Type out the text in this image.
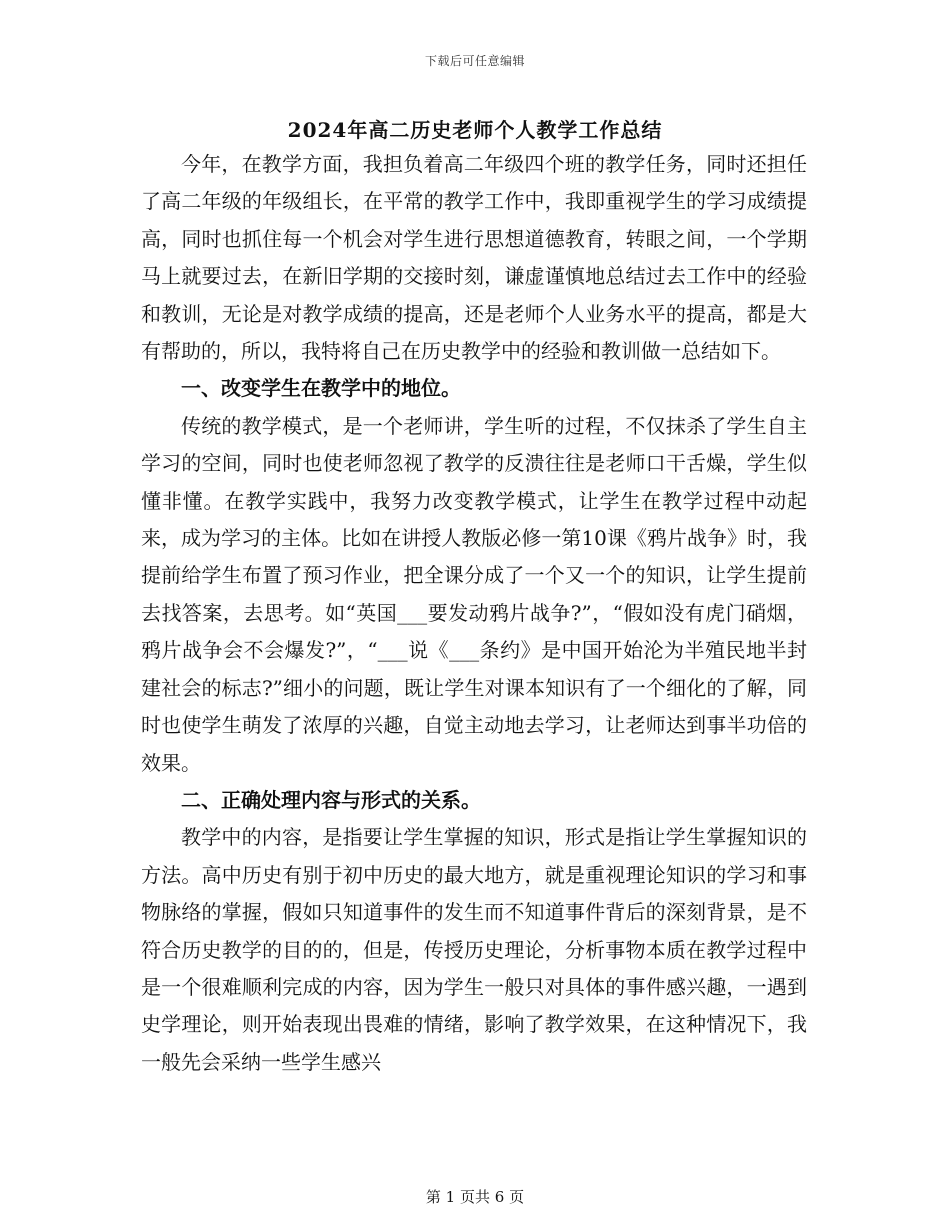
下载后可任意编辑
2024年高二历史老师个人教学工作总结

今年，在教学方面，我担负着高二年级四个班的教学任务，同时还担任了高二年级的年级组长，在平常的教学工作中，我即重视学生的学习成绩提高，同时也抓住每一个机会对学生进行思想道德教育，转眼之间，一个学期马上就要过去，在新旧学期的交接时刻，谦虚谨慎地总结过去工作中的经验和教训，无论是对教学成绩的提高，还是老师个人业务水平的提高，都是大有帮助的，所以，我特将自己在历史教学中的经验和教训做一总结如下。

一、改变学生在教学中的地位。

传统的教学模式，是一个老师讲，学生听的过程，不仅抹杀了学生自主学习的空间，同时也使老师忽视了教学的反溃往往是老师口干舌燥，学生似懂非懂。在教学实践中，我努力改变教学模式，让学生在教学过程中动起来，成为学习的主体。比如在讲授人教版必修一第10课《鸦片战争》时，我提前给学生布置了预习作业，把全课分成了一个又一个的知识，让学生提前去找答案，去思考。如“英国___要发动鸦片战争?”，“假如没有虎门硝烟，鸦片战争会不会爆发?”，“___说《___条约》是中国开始沦为半殖民地半封建社会的标志?”细小的问题，既让学生对课本知识有了一个细化的了解，同时也使学生萌发了浓厚的兴趣，自觉主动地去学习，让老师达到事半功倍的效果。

二、正确处理内容与形式的关系。

教学中的内容，是指要让学生掌握的知识，形式是指让学生掌握知识的方法。高中历史有别于初中历史的最大地方，就是重视理论知识的学习和事物脉络的掌握，假如只知道事件的发生而不知道事件背后的深刻背景，是不符合历史教学的目的的，但是，传授历史理论，分析事物本质在教学过程中是一个很难顺利完成的内容，因为学生一般只对具体的事件感兴趣，一遇到史学理论，则开始表现出畏难的情绪，影响了教学效果，在这种情况下，我一般先会采纳一些学生感兴

第 1 页共 6 页
